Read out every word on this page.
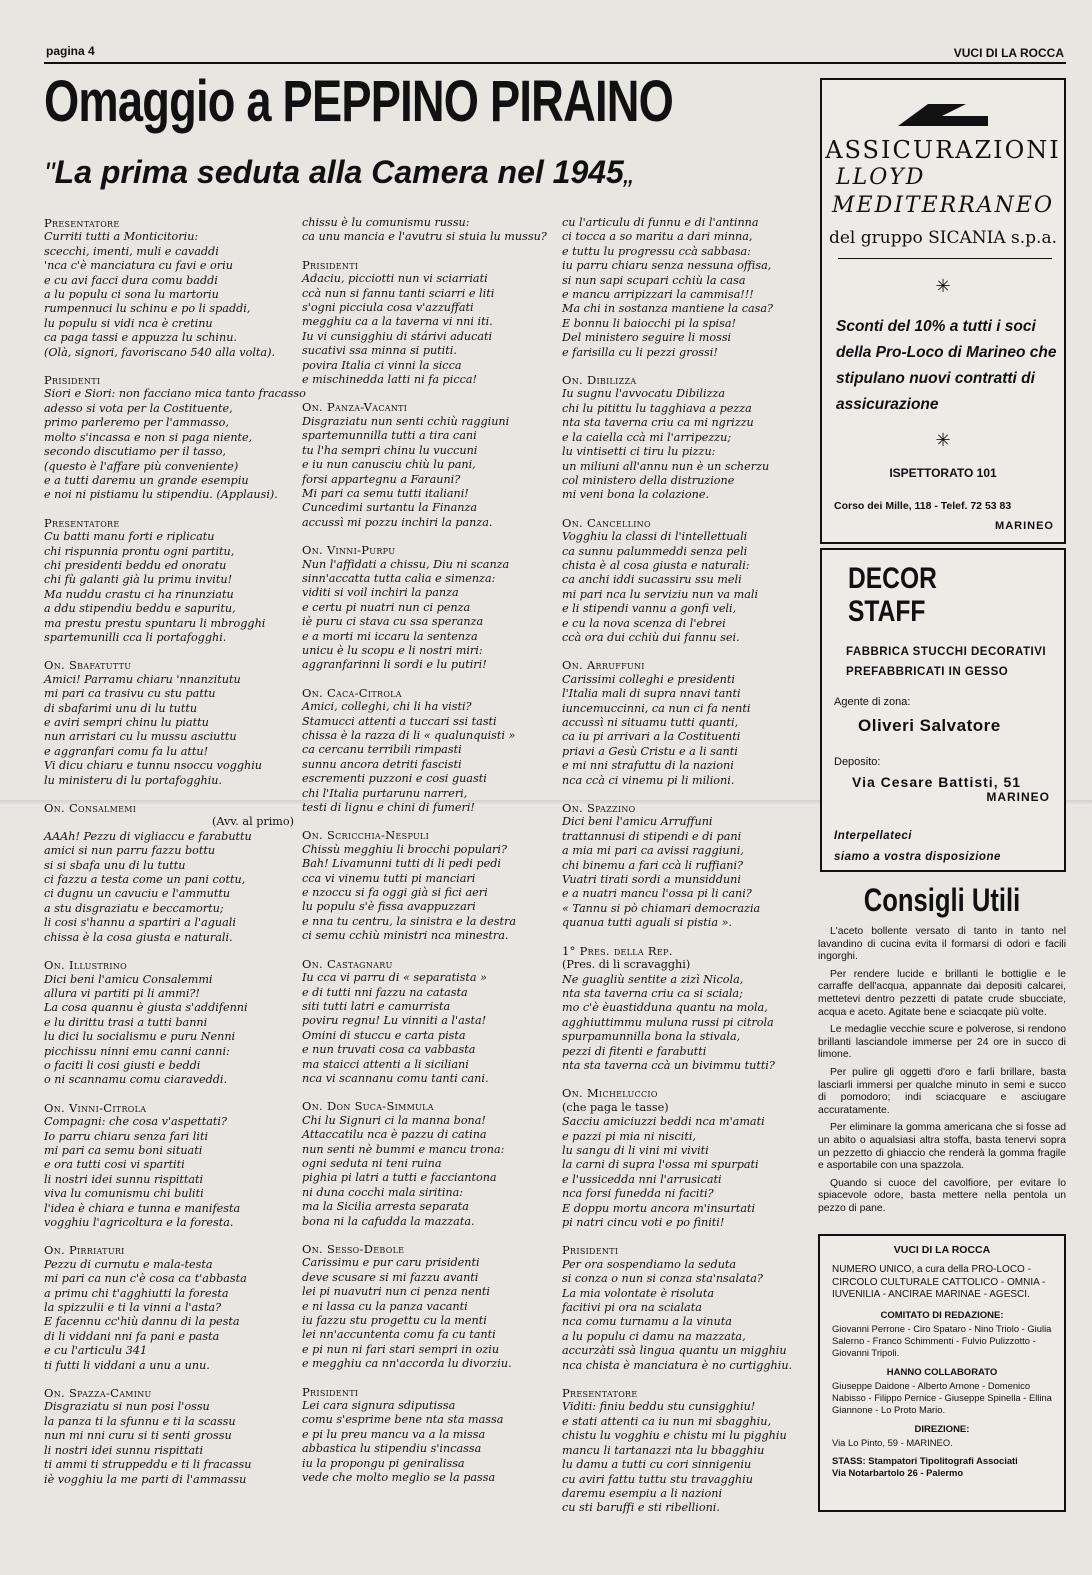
pagina 4	VUCI DI LA ROCCA
Omaggio a PEPPINO PIRAINO
"La prima seduta alla Camera nel 1945„
Presentatore
Curriti tutti a Monticitoriu:
scecchi, imenti, muli e cavaddi
'nca c'è manciatura cu favi e oriu
e cu avi facci dura comu baddi
a lu populu ci sona lu martoriu
rumpennuci lu schinu e po li spaddi,
lu populu si vidi nca è cretinu
ca paga tassi e appuzza lu schinu.
(Olà, signori, favoriscano 540 alla volta).
Prisidenti
Siori e Siori: non facciano mica tanto fracasso
adesso si vota per la Costituente,
primo parleremo per l'ammasso,
molto s'incassa e non si paga niente,
secondo discutiamo per il tasso,
(questo è l'affare più conveniente)
e a tutti daremu un grande esempiu
e noi ni pistiamu lu stipendiu. (Applausi).
Presentatore
Cu batti manu forti e riplicatu
chi rispunnia prontu ogni partitu,
chi presidenti beddu ed onoratu
chi fù galanti già lu primu invitu!
Ma nuddu crastu ci ha rinunziatu
a ddu stipendiu beddu e sapuritu,
ma prestu prestu spuntaru li mbrogghi
spartemunilli cca li portafogghi.
On. Sbafatuttu
Amici! Parramu chiaru 'nnanzitutu
mi pari ca trasivu cu stu pattu
di sbafarimi unu di lu tuttu
e aviri sempri chinu lu piattu
nun arristari cu lu mussu asciuttu
e aggranfari comu fa lu attu!
Vi dicu chiaru e tunnu nsoccu vogghiu
lu ministeru di lu portafogghiu.
On. Consalmemi
(Avv. al primo)
AAAh! Pezzu di vigliaccu e farabuttu
amici si nun parru fazzu bottu
si si sbafa unu di lu tuttu
ci fazzu a testa come un pani cottu,
ci dugnu un cavuciu e l'ammuttu
a stu disgraziatu e beccamortu;
li cosi s'hannu a spartiri a l'aguali
chissa è la cosa giusta e naturali.
On. Illustrino
Dici beni l'amicu Consalemmi
allura vi partiti pi li ammi?!
La cosa quannu è giusta s'addifenni
e lu dirittu trasi a tutti banni
lu dici lu socialismu e puru Nenni
picchissu ninni emu canni canni:
o faciti li cosi giusti e beddi
o ni scannamu comu ciaraveddi.
On. Vinni-Citrola
Compagni: che cosa v'aspettati?
Io parru chiaru senza fari liti
mi pari ca semu boni situati
e ora tutti cosi vi spartiti
li nostri idei sunnu rispittati
viva lu comunismu chi buliti
l'idea è chiara e tunna e manifesta
vogghiu l'agricoltura e la foresta.
On. Pirriaturi
Pezzu di curnutu e mala-testa
mi pari ca nun c'è cosa ca t'abbasta
a primu chi t'agghiutti la foresta
la spizzulii e ti la vinni a l'asta?
E facennu cc'hiù dannu di la pesta
di li viddani nni fa pani e pasta
e cu l'articulu 341
ti futti li viddani a unu a unu.
On. Spazza-Caminu
Disgraziatu si nun posi l'ossu
la panza ti la sfunnu e ti la scassu
nun mi nni curu si ti senti grossu
li nostri idei sunnu rispittati
ti ammi ti struppeddu e ti li fracassu
iè vogghiu la me parti di l'ammassu
chissu è lu comunismu russu:
ca unu mancia e l'avutru si stuia lu mussu?
Prisidenti
Adaciu, picciotti nun vi sciarriati
ccà nun si fannu tanti sciarri e liti
s'ogni picciula cosa v'azzuffati
megghiu ca a la taverna vi nni iti.
Iu vi cunsigghiu di stárivi aducati
sucativi ssa minna si putiti.
povira Italia ci vinni la sicca
e mischinedda latti ni fa picca!
On. Panza-Vacanti
Disgraziatu nun senti cchiù raggiuni
spartemunnilla tutti a tira cani
tu l'ha sempri chinu lu vuccuni
e iu nun canusciu chiù lu pani,
forsi appartegnu a Farauni?
Mi pari ca semu tutti italiani!
Cuncedimi surtantu la Finanza
accussì mi pozzu inchiri la panza.
On. Vinni-Purpu
Nun l'affidati a chissu, Diu ni scanza
sinn'accatta tutta calia e simenza:
viditi si voil inchiri la panza
e certu pi nuatri nun ci penza
iè puru ci stava cu ssa speranza
e a morti mi iccaru la sentenza
unicu è lu scopu e li nostri miri:
aggranfarinni li sordi e lu putiri!
On. Caca-Citrola
Amici, colleghi, chi li ha visti?
Stamucci attenti a tuccari ssi tasti
chissa è la razza di li « qualunquisti »
ca cercanu terribili rimpasti
sunnu ancora detriti fascisti
escrementi puzzoni e cosi guasti
chi l'Italia purtarunu narreri,
testi di lignu e chini di fumeri!
On. Scricchia-Nespuli
Chissù megghiu li brocchi populari?
Bah! Livamunni tutti di li pedi pedi
cca vi vinemu tutti pi manciari
e nzoccu si fa oggi già si fici aeri
lu populu s'è fissa avappuzzari
e nna tu centru, la sinistra e la destra
ci semu cchiù ministri nca minestra.
On. Castagnaru
Iu cca vi parru di « separatista »
e di tutti nni fazzu na catasta
siti tutti latri e camurrista
poviru regnu! Lu vinniti a l'asta!
Omini di stuccu e carta pista
e nun truvati cosa ca vabbasta
ma staicci attenti a li siciliani
nca vi scannanu comu tanti cani.
On. Don Suca-Simmula
Chi lu Signuri ci la manna bona!
Attaccatilu nca è pazzu di catina
nun senti nè bummi e mancu trona:
ogni seduta ni teni ruina
pighia pi latri a tutti e facciantona
ni duna cocchi mala siritina:
ma la Sicilia arresta separata
bona ni la cafudda la mazzata.
On. Sesso-Debole
Carissimu e pur caru prisidenti
deve scusare si mi fazzu avanti
lei pi nuavutri nun ci penza nenti
e ni lassa cu la panza vacanti
iu fazzu stu progettu cu la menti
lei nn'accuntenta comu fa cu tanti
e pi nun ni fari stari sempri in oziu
e megghiu ca nn'accorda lu divorziu.
Prisidenti
Lei cara signura sdiputissa
comu s'esprime bene nta sta massa
e pi lu preu mancu va a la missa
abbastica lu stipendiu s'incassa
iu la propongu pi geniralissa
vede che molto meglio se la passa
cu l'articulu di funnu e di l'antinna
ci tocca a so maritu a dari minna,
e tuttu lu progressu ccà sabbasa:
iu parru chiaru senza nessuna offisa,
si nun sapi scupari cchiù la casa
e mancu arripizzari la cammisa!!!
Ma chi in sostanza mantiene la casa?
E bonnu li baiocchi pi la spisa!
Del ministero seguire li mossi
e farisilla cu li pezzi grossi!
On. Dibilizza
Iu sugnu l'avvocatu Dibilizza
chi lu pitittu lu tagghiava a pezza
nta sta taverna criu ca mi ngrizzu
e la caiella ccà mi l'arripezzu;
lu vintisetti ci tiru lu pizzu:
un miliuni all'annu nun è un scherzu
col ministero della distruzione
mi veni bona la colazione.
On. Cancellino
Vogghiu la classi di l'intellettuali
ca sunnu palummeddi senza peli
chista è al cosa giusta e naturali:
ca anchi iddi sucassiru ssu meli
mi pari nca lu serviziu nun va mali
e li stipendi vannu a gonfi veli,
e cu la nova scenza di l'ebrei
ccà ora dui cchiù dui fannu sei.
On. Arruffuni
Carissimi colleghi e presidenti
l'Italia mali di supra nnavi tanti
iuncemuccinni, ca nun ci fa nenti
accussì ni situamu tutti quanti,
ca iu pi arrivari a la Costituenti
priavi a Gesù Cristu e a li santi
e mi nni strafuttu di la nazioni
nca ccà ci vinemu pi li milioni.
On. Spazzino
Dici beni l'amicu Arruffuni
trattannusi di stipendi e di pani
a mia mi pari ca avissi raggiuni,
chi binemu a fari ccà li ruffiani?
Vuatri tirati sordi a munsidduni
e a nuatri mancu l'ossa pi li cani?
« Tannu si pò chiamari democrazia
quanua tutti aguali si pistia ».
1° Pres. della Rep.
(Pres. di li scravagghi)
Ne guagliù sentite a zizì Nicola,
nta sta taverna criu ca si sciala;
mo c'è èuastidduna quantu na mola,
agghiuttimmu muluna russi pi citrola
spurpamunnilla bona la stivala,
pezzi di fitenti e farabutti
nta sta taverna ccà un bivimmu tutti?
On. Micheluccio
(che paga le tasse)
Sacciu amiciuzzi beddi nca m'amati
e pazzi pi mia ni nisciti,
lu sangu di li vini mi viviti
la carni di supra l'ossa mi spurpati
e l'ussicedda nni l'arrusicati
nca forsi funedda ni faciti?
E doppu mortu ancora m'insurtati
pi natri cincu voti e po finiti!
Prisidenti
Per ora sospendiamo la seduta
si conza o nun si conza sta'nsalata?
La mia volontate è risoluta
facitivi pi ora na scialata
nca comu turnamu a la vinuta
a lu populu ci damu na mazzata,
accurzàti ssà lingua quantu un migghiu
nca chista è manciatura è no curtigghiu.
Presentatore
Viditi: finiu beddu stu cunsigghiu!
e stati attenti ca iu nun mi sbagghiu,
chistu lu vogghiu e chistu mi lu pigghiu
mancu li tartanazzi nta lu bbagghiu
lu damu a tutti cu cori sinnigeniu
cu aviri fattu tuttu stu travagghiu
daremu esempiu a li nazioni
cu sti baruffi e sti ribellioni.
ASSICURAZIONI
LLOYD
MEDITERRANEO
del gruppo SICANIA s.p.a.
✳
Sconti del 10% a tutti i soci della Pro-Loco di Marineo che stipulano nuovi contratti di assicurazione
✳
ISPETTORATO 101
Corso dei Mille, 118 - Telef. 72 53 83
MARINEO
DECOR
STAFF
FABBRICA STUCCHI DECORATIVI
PREFABBRICATI IN GESSO
Agente di zona:
Oliveri Salvatore
Deposito:
Via Cesare Battisti, 51
MARINEO
Interpellateci
siamo a vostra disposizione
Consigli Utili

L'aceto bollente versato di tanto in tanto nel lavandino di cucina evita il formarsi di odori e facili ingorghi.

Per rendere lucide e brillanti le bottiglie e le carraffe dell'acqua, appannate dai depositi calcarei, mettetevi dentro pezzetti di patate crude sbucciate, acqua e aceto. Agitate bene e sciacqate più volte.

Le medaglie vecchie scure e polverose, si rendono brillanti lasciandole immerse per 24 ore in succo di limone.

Per pulire gli oggetti d'oro e farli brillare, basta lasciarli immersi per qualche minuto in semi e succo di pomodoro; indi sciacquare e asciugare accuratamente.

Per eliminare la gomma americana che si fosse ad un abito o aqualsiasi altra stoffa, basta tenervi sopra un pezzetto di ghiaccio che renderà la gomma fragile e asportabile con una spazzola.

Quando si cuoce del cavolfiore, per evitare lo spiacevole odore, basta mettere nella pentola un pezzo di pane.

VUCI DI LA ROCCA
NUMERO UNICO, a cura della PRO-LOCO - CIRCOLO CULTURALE CATTOLICO - OMNIA - IUVENILIA - ANCIRAE MARINAE - AGESCI.
COMITATO DI REDAZIONE:
Giovanni Perrone - Ciro Spataro - Nino Triolo - Giulia Salerno - Franco Schimmenti - Fulvio Pulizzotto - Giovanni Tripoli.
HANNO COLLABORATO
Giuseppe Daidone - Alberto Arnone - Domenico Nabisso - Filippo Pernice - Giuseppe Spinella - Ellina Giannone - Lo Proto Mario.
DIREZIONE:
Via Lo Pinto, 59 - MARINEO.
STASS: Stampatori Tipolitografi Associati
Via Notarbartolo 26 - Palermo
